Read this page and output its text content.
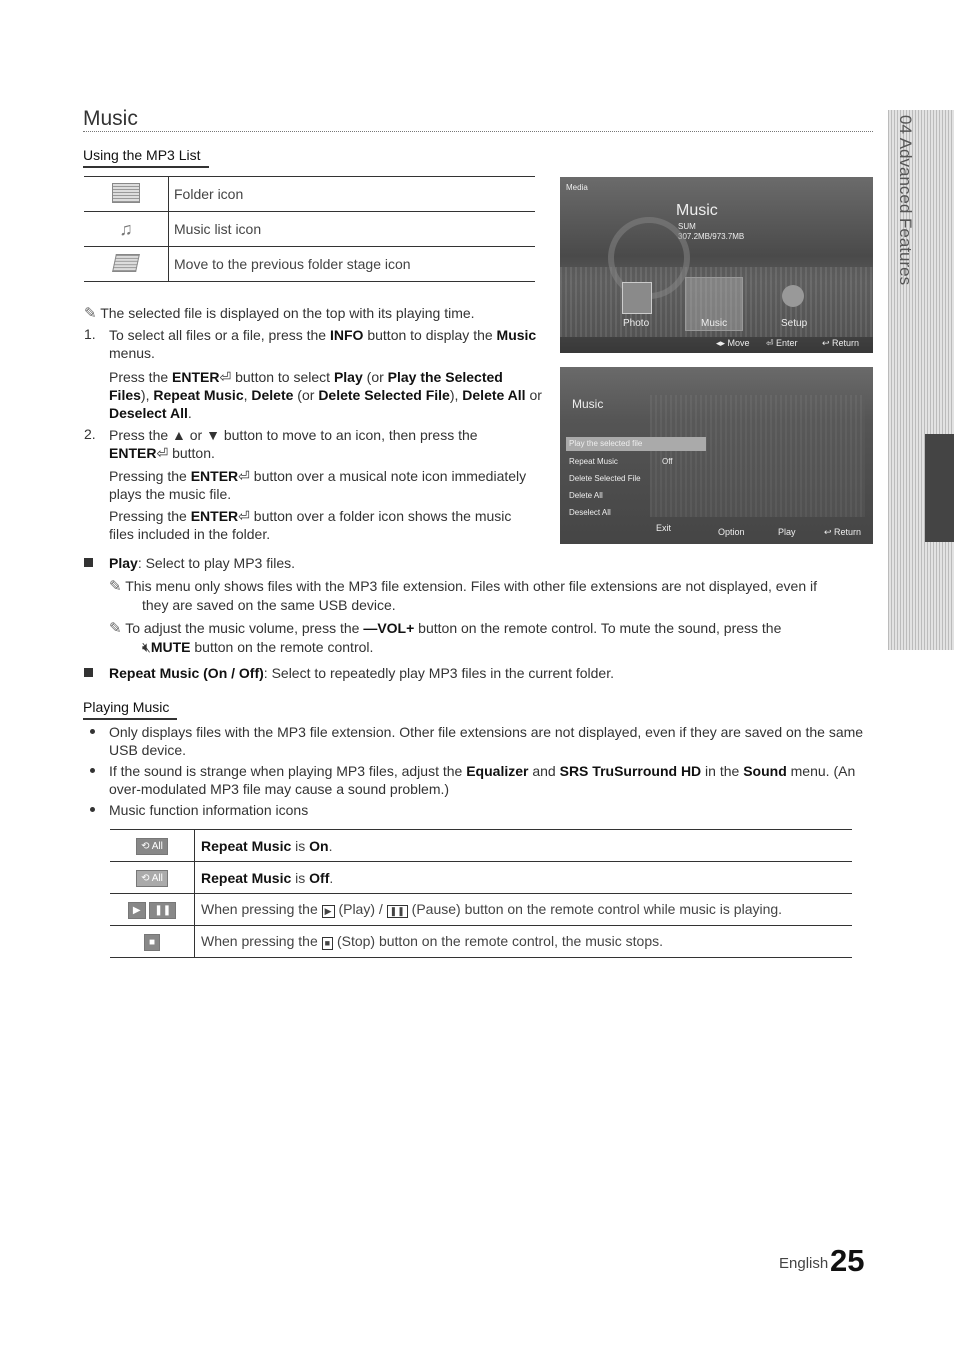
Music	04 Advanced Features
Using the MP3 List
	Folder icon
♫	Music list icon
	Move to the previous folder stage icon
✎ The selected file is displayed on the top with its playing time.
1. To select all files or a file, press the INFO button to display the Music
menus.
Press the ENTER⏎ button to select Play (or Play the Selected
Files), Repeat Music, Delete (or Delete Selected File), Delete All or
Deselect All.
2. Press the ▲ or ▼ button to move to an icon, then press the
ENTER⏎ button.
Pressing the ENTER⏎ button over a musical note icon immediately
plays the music file.
Pressing the ENTER⏎ button over a folder icon shows the music
files included in the folder.
Media
Music
SUM
307.2MB/973.7MB
Photo	Music	Setup
◂▸ Move ⏎ Enter	↩ Return
Music
Play the selected file
Repeat Music	Off
Delete Selected File
Delete All
Deselect All
Exit	Option	Play	↩ Return
Play: Select to play MP3 files.
✎ This menu only shows files with the MP3 file extension. Files with other file extensions are not displayed, even if
they are saved on the same USB device.
✎ To adjust the music volume, press the —VOL+ button on the remote control. To mute the sound, press the
🔇︎MUTE button on the remote control.
Repeat Music (On / Off): Select to repeatedly play MP3 files in the current folder.
Playing Music
Only displays files with the MP3 file extension. Other file extensions are not displayed, even if they are saved on the same
USB device.
If the sound is strange when playing MP3 files, adjust the Equalizer and SRS TruSurround HD in the Sound menu. (An
over-modulated MP3 file may cause a sound problem.)
Music function information icons
⟲ All	Repeat Music is On.
⟲ All	Repeat Music is Off.
▶ ❚❚	When pressing the ▶ (Play) / ❚❚ (Pause) button on the remote control while music is playing.
■	When pressing the ■ (Stop) button on the remote control, the music stops.
English 25
